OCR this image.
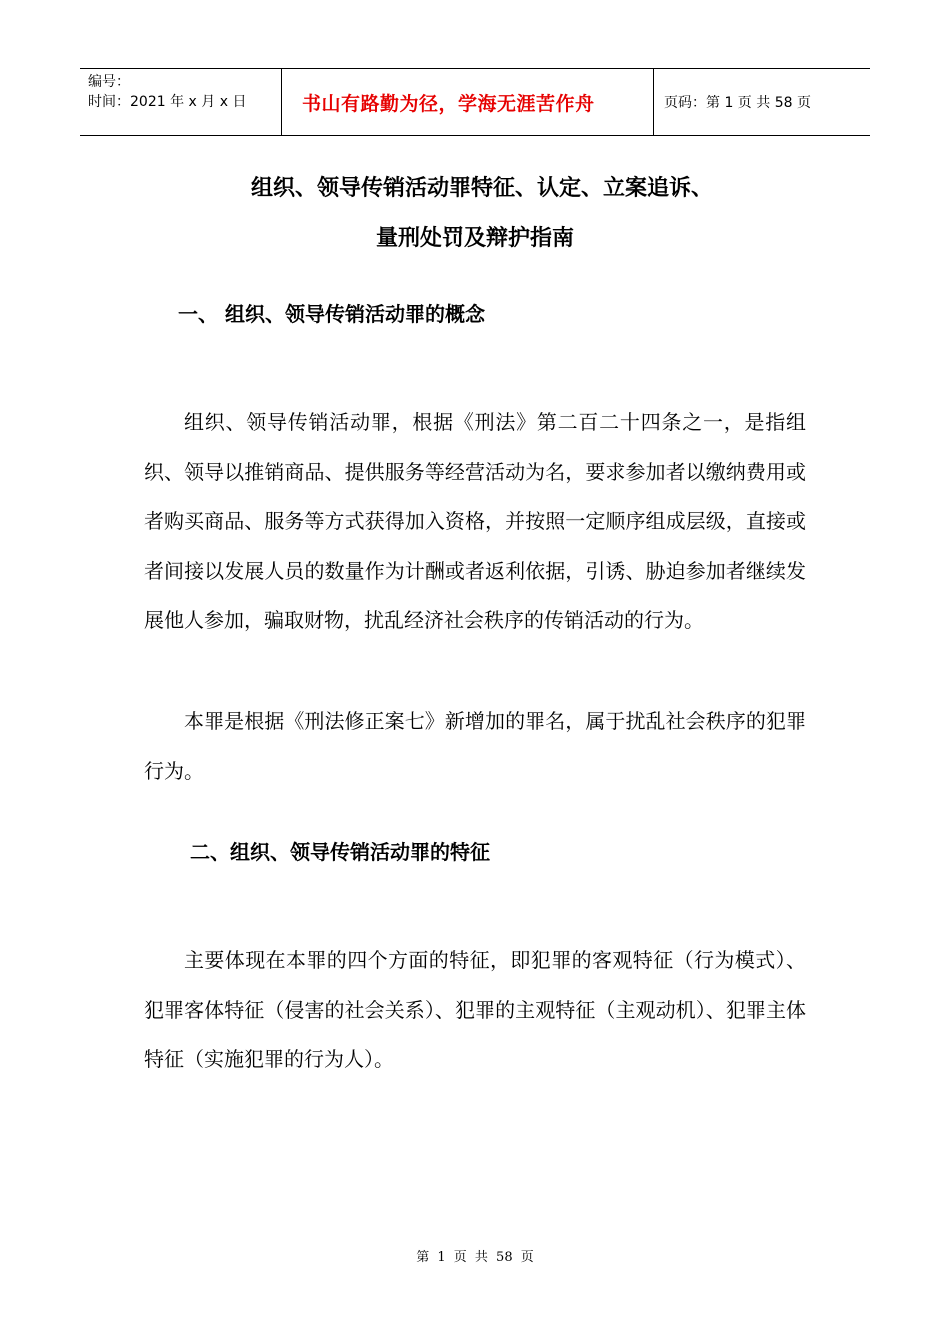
编号：
时间：2021 年 x 月 x 日	书山有路勤为径，学海无涯苦作舟	页码：第 1 页 共 58 页
组织、领导传销活动罪特征、认定、立案追诉、
量刑处罚及辩护指南
一、 组织、领导传销活动罪的概念

组织、领导传销活动罪，根据《刑法》第二百二十四条之一，是指组织、领导以推销商品、提供服务等经营活动为名，要求参加者以缴纳费用或者购买商品、服务等方式获得加入资格，并按照一定顺序组成层级，直接或者间接以发展人员的数量作为计酬或者返利依据，引诱、胁迫参加者继续发展他人参加，骗取财物，扰乱经济社会秩序的传销活动的行为。

本罪是根据《刑法修正案七》新增加的罪名，属于扰乱社会秩序的犯罪行为。

二、组织、领导传销活动罪的特征

主要体现在本罪的四个方面的特征，即犯罪的客观特征（行为模式）、犯罪客体特征（侵害的社会关系）、犯罪的主观特征（主观动机）、犯罪主体特征（实施犯罪的行为人）。

第 1 页 共 58 页
